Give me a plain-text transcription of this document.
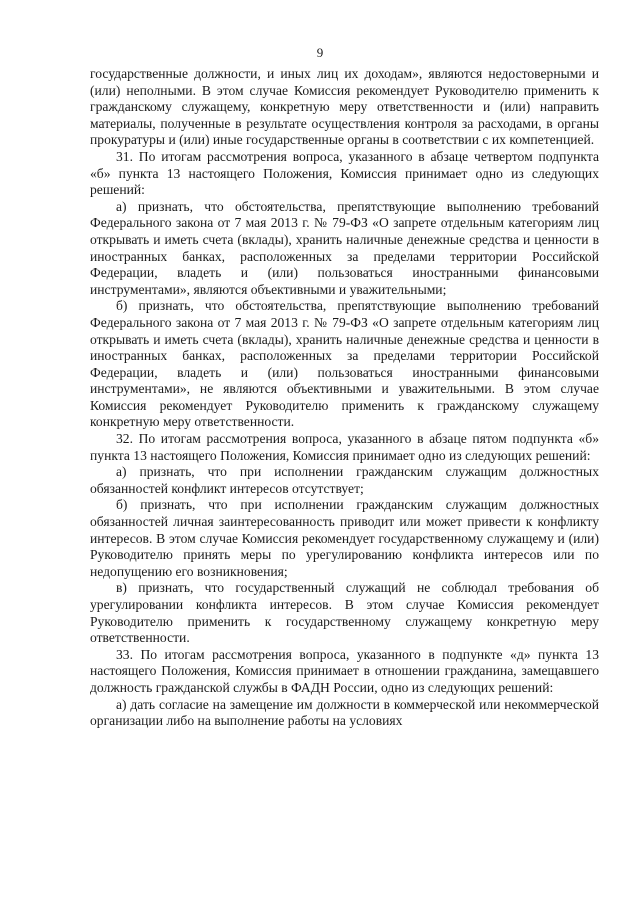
9

государственные должности, и иных лиц их доходам», являются недостоверными и (или) неполными. В этом случае Комиссия рекомендует Руководителю применить к гражданскому служащему, конкретную меру ответственности и (или) направить материалы, полученные в результате осуществления контроля за расходами, в органы прокуратуры и (или) иные государственные органы в соответствии с их компетенцией.

31. По итогам рассмотрения вопроса, указанного в абзаце четвертом подпункта «б» пункта 13 настоящего Положения, Комиссия принимает одно из следующих решений:

а) признать, что обстоятельства, препятствующие выполнению требований Федерального закона от 7 мая 2013 г. № 79-ФЗ «О запрете отдельным категориям лиц открывать и иметь счета (вклады), хранить наличные денежные средства и ценности в иностранных банках, расположенных за пределами территории Российской Федерации, владеть и (или) пользоваться иностранными финансовыми инструментами», являются объективными и уважительными;

б) признать, что обстоятельства, препятствующие выполнению требований Федерального закона от 7 мая 2013 г. № 79-ФЗ «О запрете отдельным категориям лиц открывать и иметь счета (вклады), хранить наличные денежные средства и ценности в иностранных банках, расположенных за пределами территории Российской Федерации, владеть и (или) пользоваться иностранными финансовыми инструментами», не являются объективными и уважительными. В этом случае Комиссия рекомендует Руководителю применить к гражданскому служащему конкретную меру ответственности.

32. По итогам рассмотрения вопроса, указанного в абзаце пятом подпункта «б» пункта 13 настоящего Положения, Комиссия принимает одно из следующих решений:

а) признать, что при исполнении гражданским служащим должностных обязанностей конфликт интересов отсутствует;

б) признать, что при исполнении гражданским служащим должностных обязанностей личная заинтересованность приводит или может привести к конфликту интересов. В этом случае Комиссия рекомендует государственному служащему и (или) Руководителю принять меры по урегулированию конфликта интересов или по недопущению его возникновения;

в) признать, что государственный служащий не соблюдал требования об урегулировании конфликта интересов. В этом случае Комиссия рекомендует Руководителю применить к государственному служащему конкретную меру ответственности.

33. По итогам рассмотрения вопроса, указанного в подпункте «д» пункта 13 настоящего Положения, Комиссия принимает в отношении гражданина, замещавшего должность гражданской службы в ФАДН России, одно из следующих решений:

а) дать согласие на замещение им должности в коммерческой или некоммерческой организации либо на выполнение работы на условиях
